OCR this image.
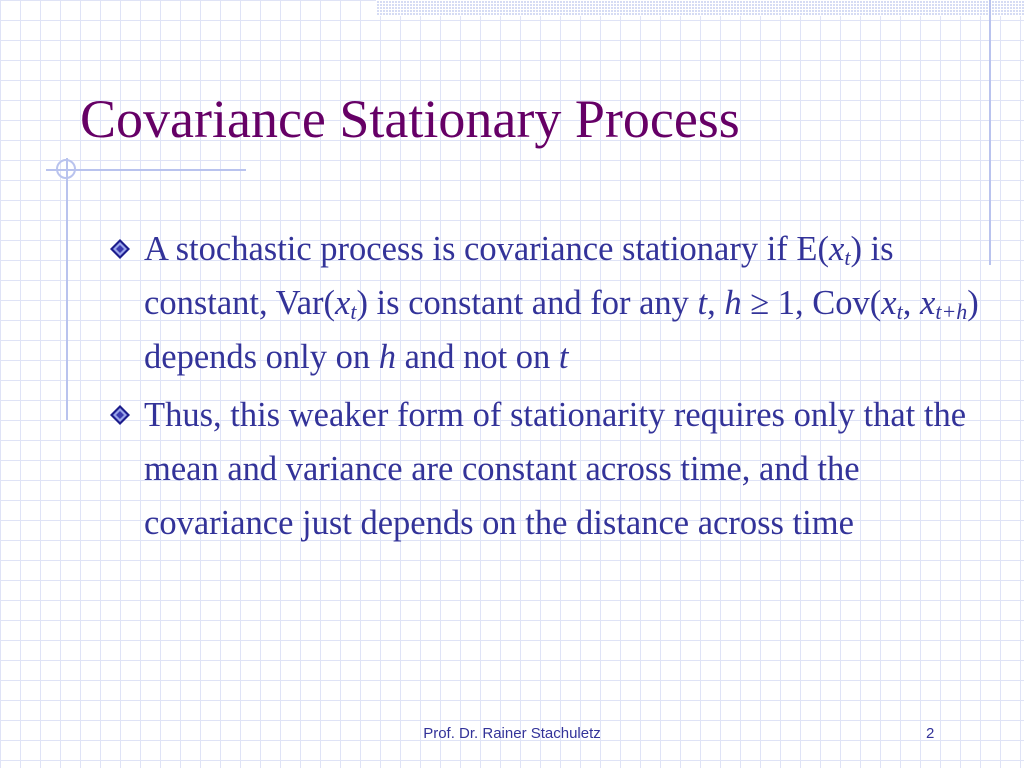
Covariance Stationary Process
A stochastic process is covariance stationary if $E(x_t)$ is constant, $Var(x_t)$ is constant and for any t, h ≥ 1, $Cov(x_t$, $x_{t+h}$) depends only on h and not on t
Thus, this weaker form of stationarity requires only that the mean and variance are constant across time, and the covariance just depends on the distance across time
Prof. Dr. Rainer Stachuletz	2
